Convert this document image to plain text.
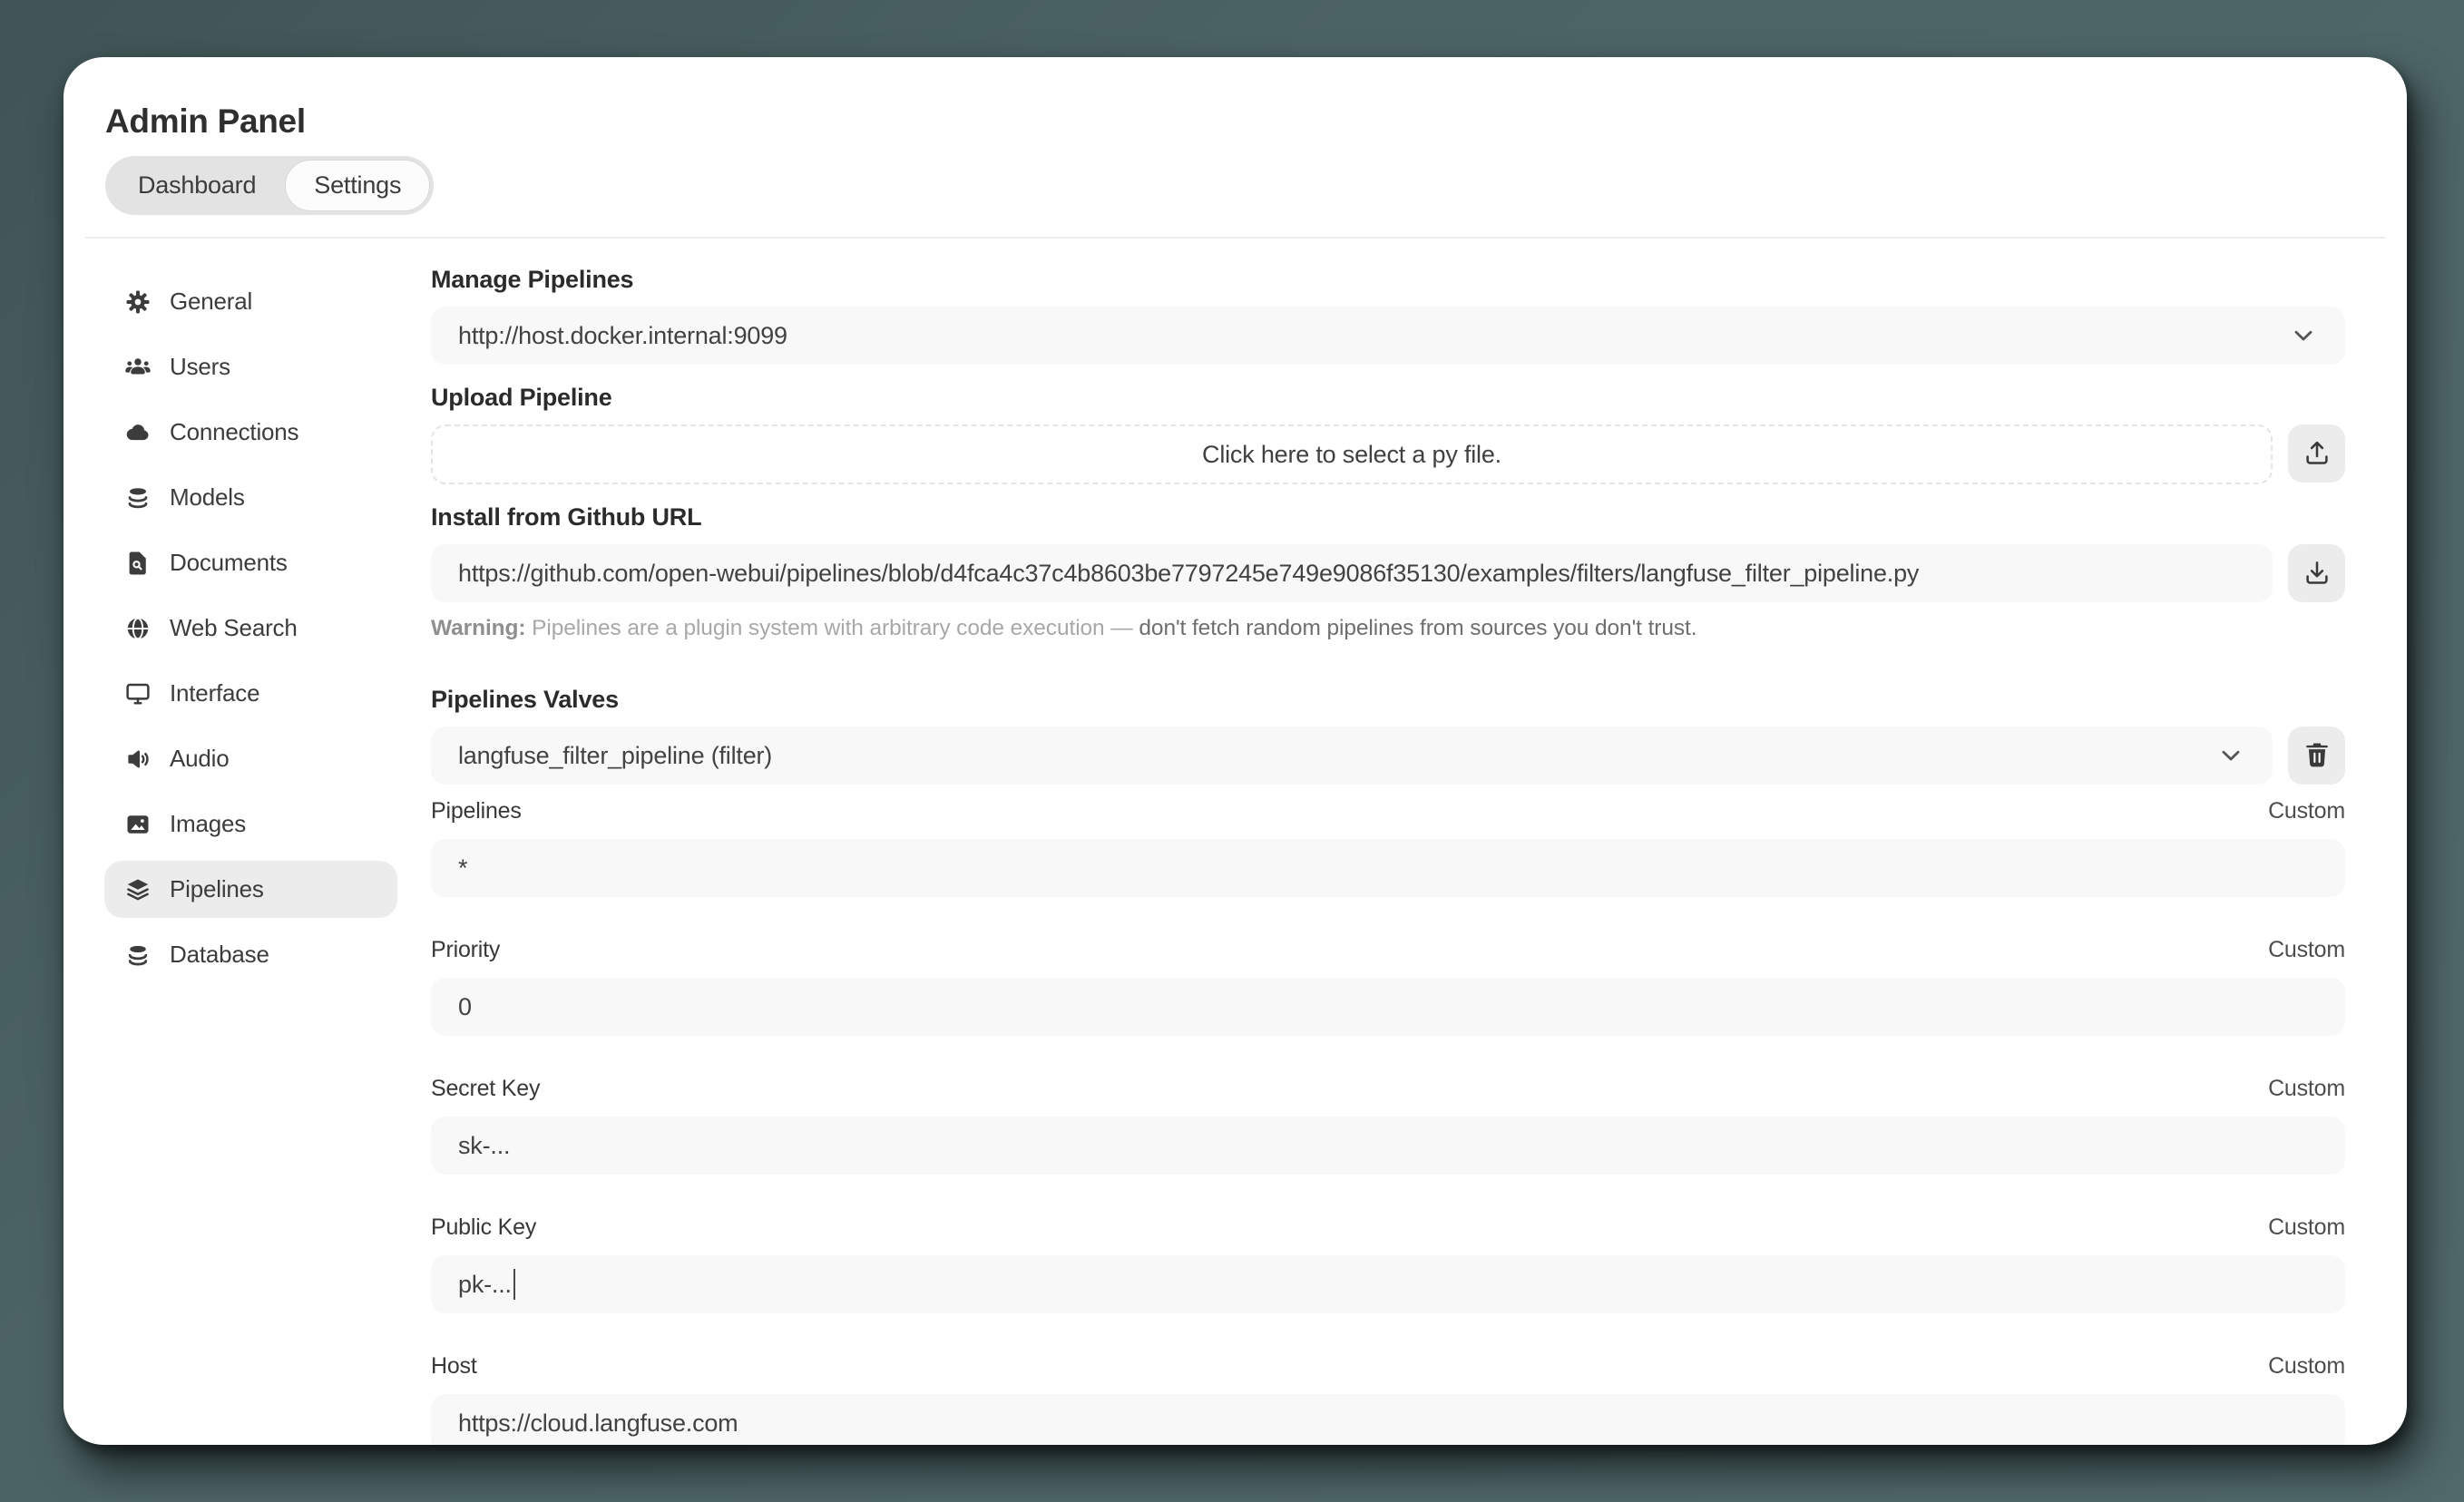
Admin Panel
Dashboard	Settings
General
Users
Connections
Models
Documents
Web Search
Interface
Audio
Images
Pipelines
Database
Manage Pipelines
http://host.docker.internal:9099
Upload Pipeline
Click here to select a py file.
Install from Github URL
https://github.com/open-webui/pipelines/blob/d4fca4c37c4b8603be7797245e749e9086f35130/examples/filters/langfuse_filter_pipeline.py
Warning: Pipelines are a plugin system with arbitrary code execution — don't fetch random pipelines from sources you don't trust.
Pipelines Valves
langfuse_filter_pipeline (filter)
Pipelines	Custom
*
Priority	Custom
0
Secret Key	Custom
sk-...
Public Key	Custom
pk-...
Host	Custom
https://cloud.langfuse.com
